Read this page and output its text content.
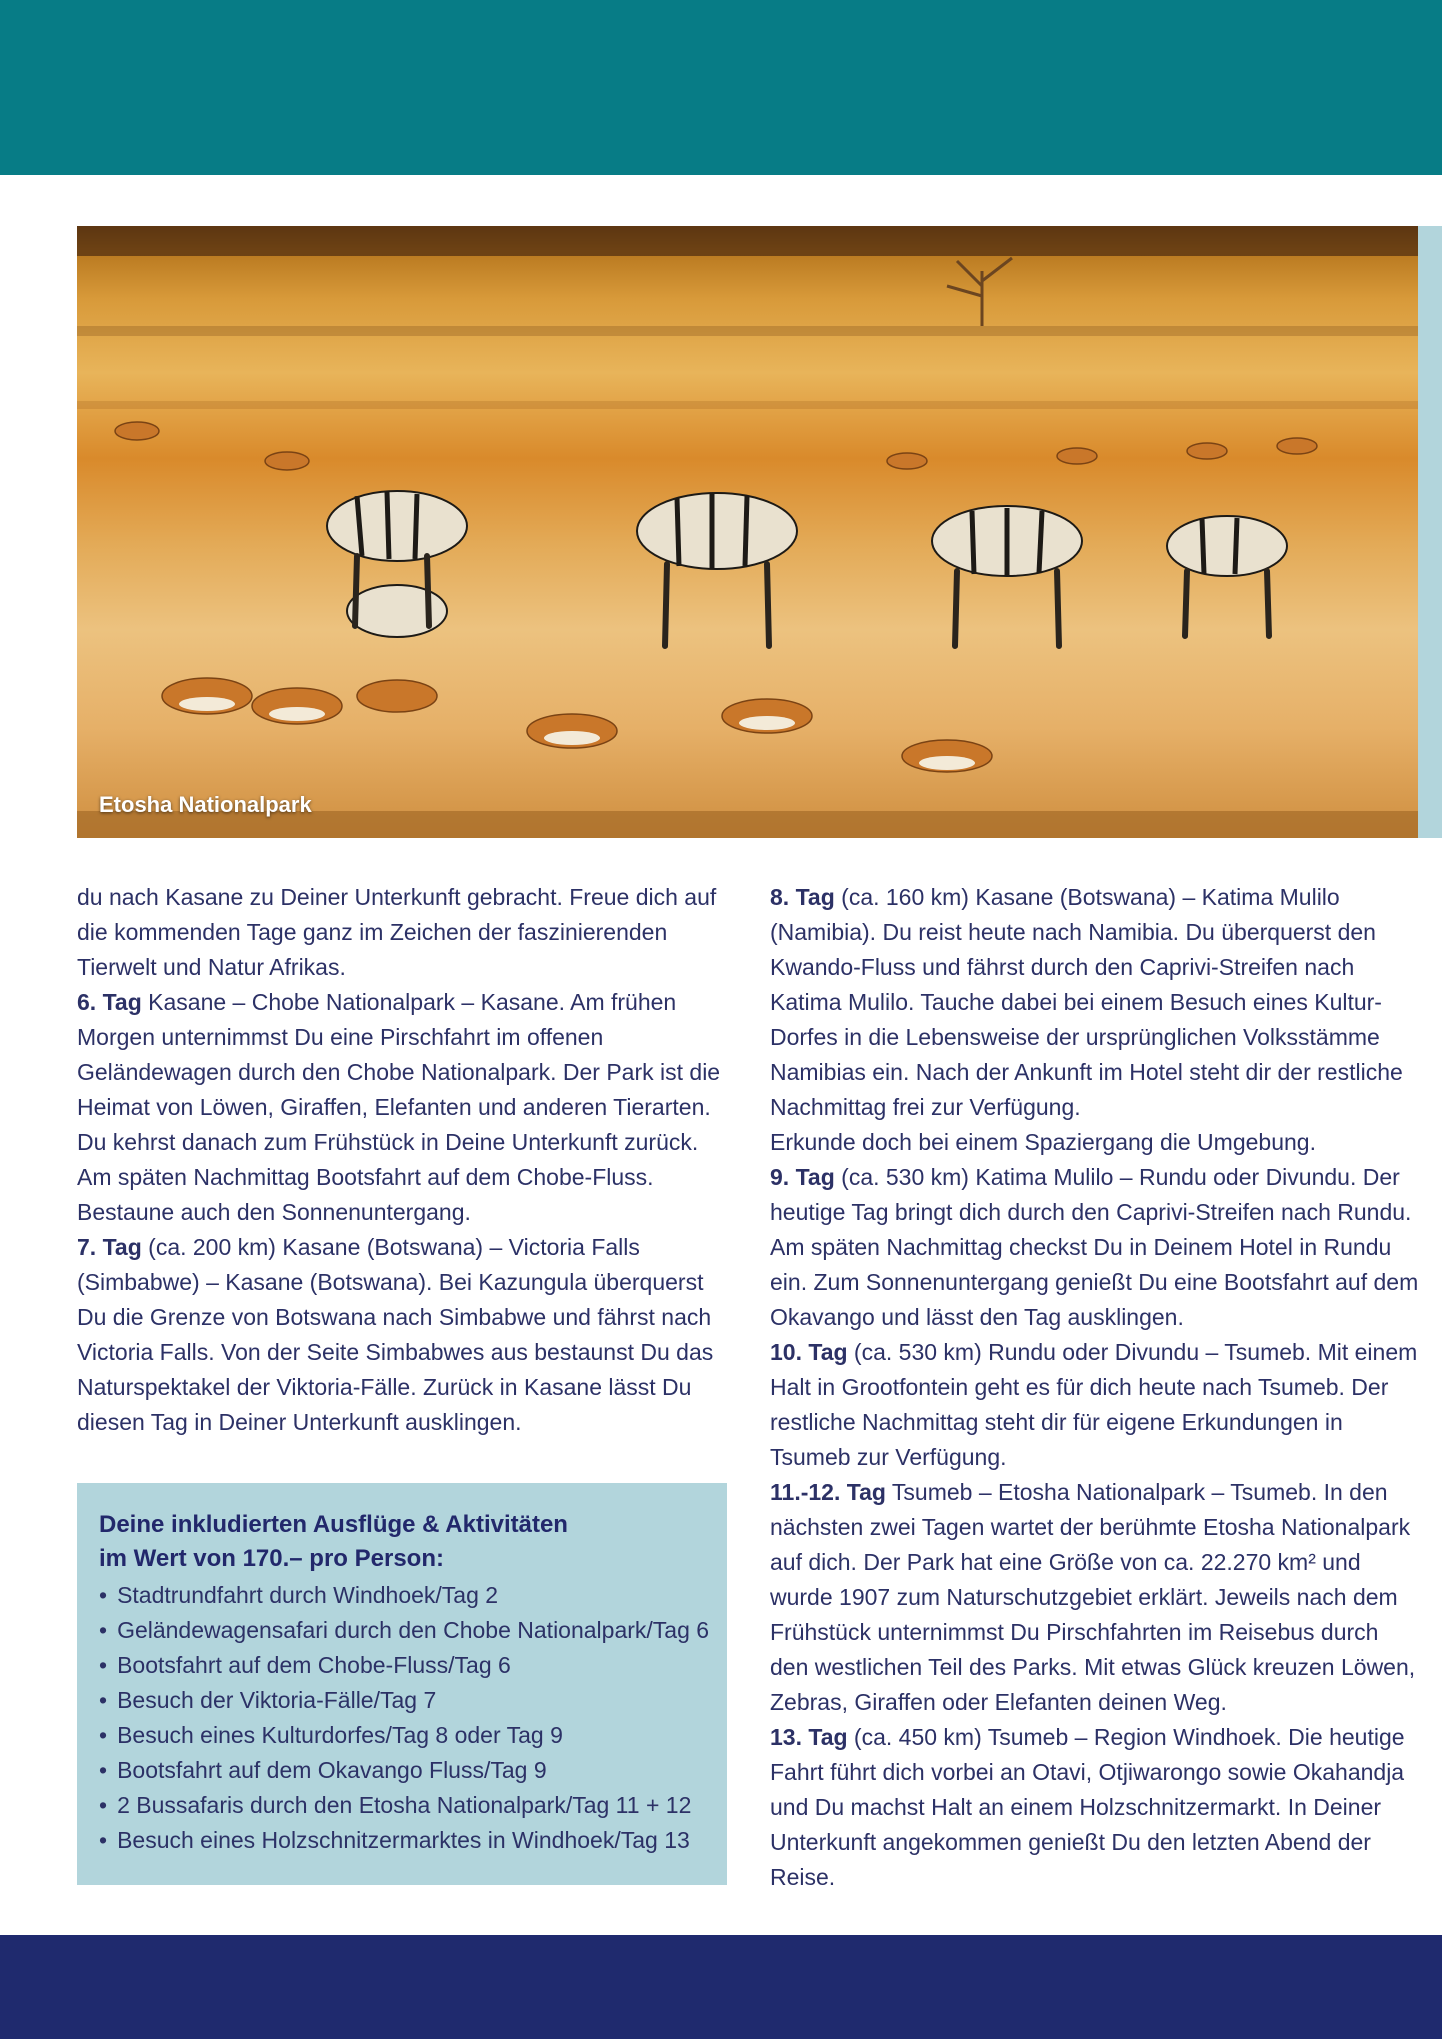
Etosha Nationalpark

du nach Kasane zu Deiner Unterkunft gebracht. Freue dich auf die kommenden Tage ganz im Zeichen der faszinierenden Tierwelt und Natur Afrikas.

6. Tag Kasane – Chobe Nationalpark – Kasane. Am frühen Morgen unternimmst Du eine Pirschfahrt im offenen Geländewagen durch den Chobe Nationalpark. Der Park ist die Heimat von Löwen, Giraffen, Elefanten und anderen Tierarten. Du kehrst danach zum Frühstück in Deine Unterkunft zurück. Am späten Nachmittag Bootsfahrt auf dem Chobe-Fluss. Bestaune auch den Sonnenuntergang.

7. Tag (ca. 200 km) Kasane (Botswana) – Victoria Falls (Simbabwe) – Kasane (Botswana). Bei Kazungula überquerst Du die Grenze von Botswana nach Simbabwe und fährst nach Victoria Falls. Von der Seite Simbabwes aus bestaunst Du das Naturspektakel der Viktoria-Fälle. Zurück in Kasane lässt Du diesen Tag in Deiner Unterkunft ausklingen.

Deine inkludierten Ausflüge & Aktivitäten
im Wert von 170.– pro Person:
• Stadtrundfahrt durch Windhoek/Tag 2
• Geländewagensafari durch den Chobe Nationalpark/Tag 6
• Bootsfahrt auf dem Chobe-Fluss/Tag 6
• Besuch der Viktoria-Fälle/Tag 7
• Besuch eines Kulturdorfes/Tag 8 oder Tag 9
• Bootsfahrt auf dem Okavango Fluss/Tag 9
• 2 Bussafaris durch den Etosha Nationalpark/Tag 11 + 12
• Besuch eines Holzschnitzermarktes in Windhoek/Tag 13

8. Tag (ca. 160 km) Kasane (Botswana) – Katima Mulilo (Namibia). Du reist heute nach Namibia. Du überquerst den Kwando-Fluss und fährst durch den Caprivi-Streifen nach Katima Mulilo. Tauche dabei bei einem Besuch eines Kultur-Dorfes in die Lebensweise der ursprünglichen Volksstämme Namibias ein. Nach der Ankunft im Hotel steht dir der restliche Nachmittag frei zur Verfügung.

Erkunde doch bei einem Spaziergang die Umgebung.

9. Tag (ca. 530 km) Katima Mulilo – Rundu oder Divundu. Der heutige Tag bringt dich durch den Caprivi-Streifen nach Rundu. Am späten Nachmittag checkst Du in Deinem Hotel in Rundu ein. Zum Sonnenuntergang genießt Du eine Bootsfahrt auf dem Okavango und lässt den Tag ausklingen.

10. Tag (ca. 530 km) Rundu oder Divundu – Tsumeb. Mit einem Halt in Grootfontein geht es für dich heute nach Tsumeb. Der restliche Nachmittag steht dir für eigene Erkundungen in Tsumeb zur Verfügung.

11.-12. Tag Tsumeb – Etosha Nationalpark – Tsumeb. In den nächsten zwei Tagen wartet der berühmte Etosha Nationalpark auf dich. Der Park hat eine Größe von ca. 22.270 km² und wurde 1907 zum Naturschutzgebiet erklärt. Jeweils nach dem Frühstück unternimmst Du Pirschfahrten im Reisebus durch den westlichen Teil des Parks. Mit etwas Glück kreuzen Löwen, Zebras, Giraffen oder Elefanten deinen Weg.

13. Tag (ca. 450 km) Tsumeb – Region Windhoek. Die heutige Fahrt führt dich vorbei an Otavi, Otjiwarongo sowie Okahandja und Du machst Halt an einem Holzschnitzermarkt. In Deiner Unterkunft angekommen genießt Du den letzten Abend der Reise.
